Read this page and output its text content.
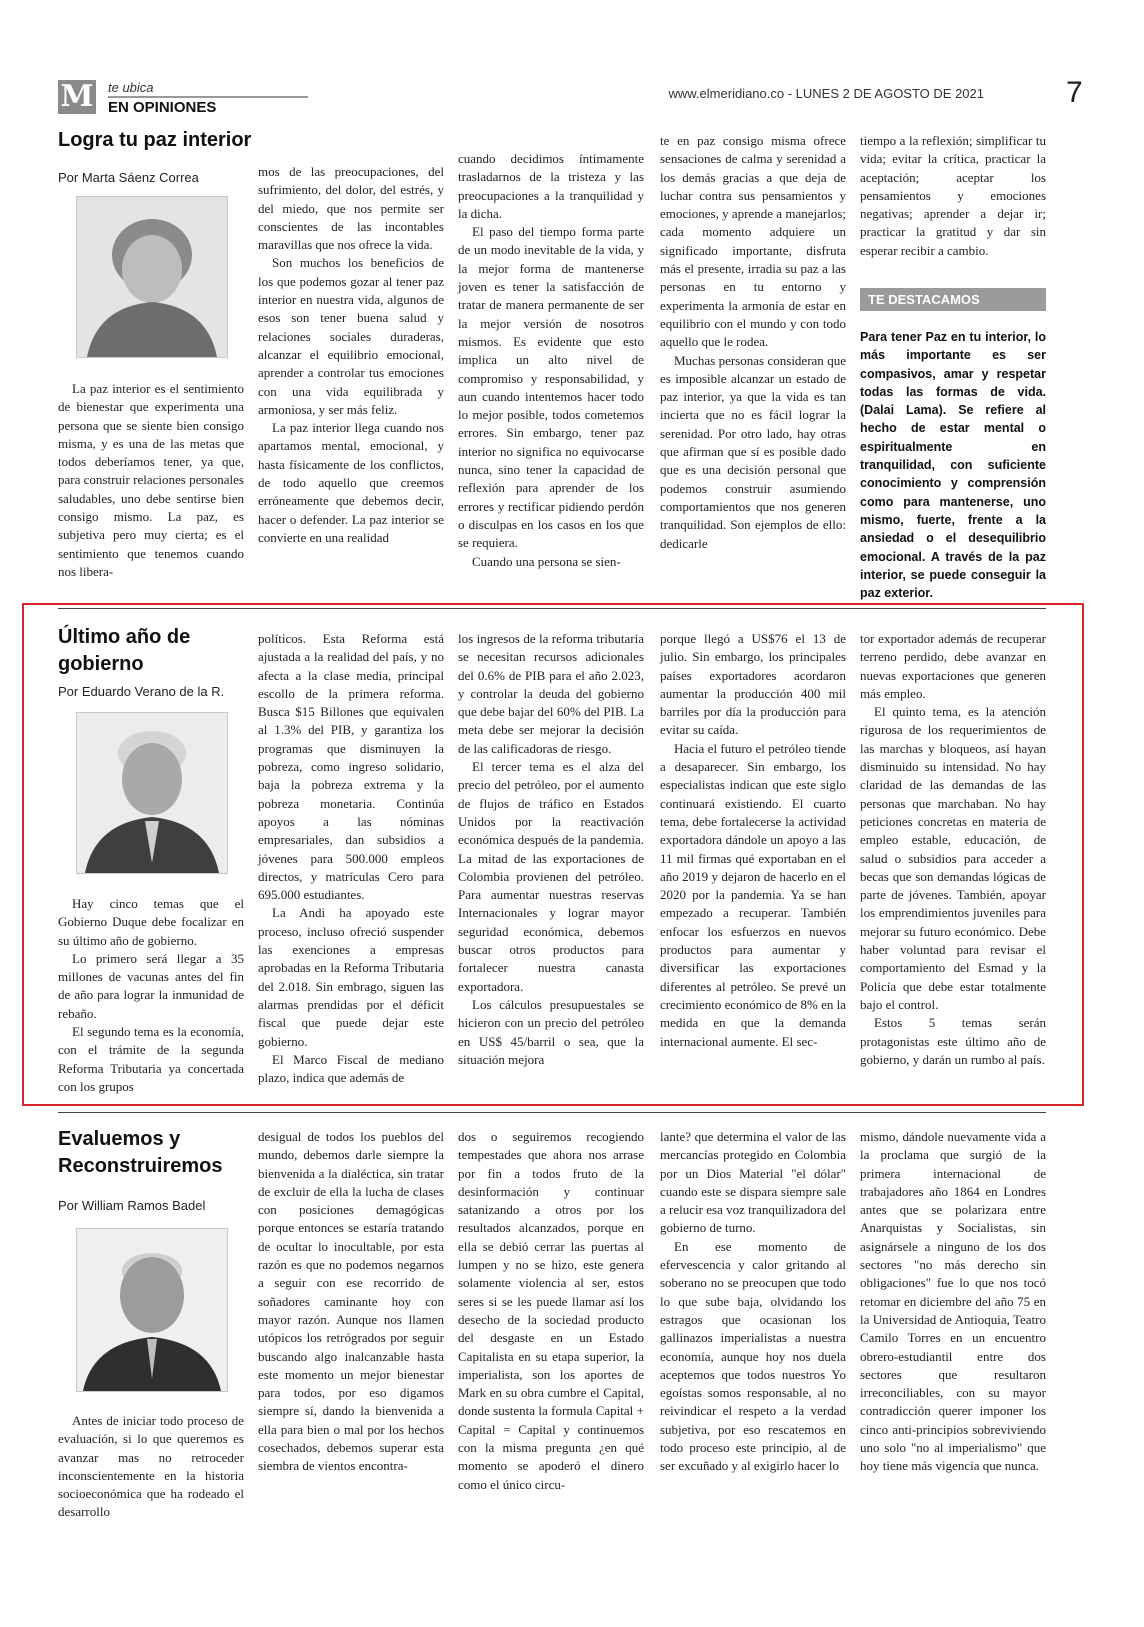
M te ubica
EN OPINIONES
www.elmeridiano.co - LUNES 2 DE AGOSTO DE 2021	7
Logra tu paz interior
Por Marta Sáenz Correa

La paz interior es el sentimiento de bienestar que experimenta una persona que se siente bien consigo misma, y es una de las metas que todos deberíamos tener, ya que, para construir relaciones personales saludables, uno debe sentirse bien consigo mismo. La paz, es subjetiva pero muy cierta; es el sentimiento que tenemos cuando nos libera-

mos de las preocupaciones, del sufrimiento, del dolor, del estrés, y del miedo, que nos permite ser conscientes de las incontables maravillas que nos ofrece la vida.

Son muchos los beneficios de los que podemos gozar al tener paz interior en nuestra vida, algunos de esos son tener buena salud y relaciones sociales duraderas, alcanzar el equilibrio emocional, aprender a controlar tus emociones con una vida equilibrada y armoniosa, y ser más feliz.

La paz interior llega cuando nos apartamos mental, emocional, y hasta físicamente de los conflictos, de todo aquello que creemos erróneamente que debemos decir, hacer o defender. La paz interior se convierte en una realidad

cuando decidimos íntimamente trasladarnos de la tristeza y las preocupaciones a la tranquilidad y la dicha.

El paso del tiempo forma parte de un modo inevitable de la vida, y la mejor forma de mantenerse joven es tener la satisfacción de tratar de manera permanente de ser la mejor versión de nosotros mismos. Es evidente que esto implica un alto nivel de compromiso y responsabilidad, y aun cuando intentemos hacer todo lo mejor posible, todos cometemos errores. Sin embargo, tener paz interior no significa no equivocarse nunca, sino tener la capacidad de reflexión para aprender de los errores y rectificar pidiendo perdón o disculpas en los casos en los que se requiera.

Cuando una persona se sien-

te en paz consigo misma ofrece sensaciones de calma y serenidad a los demás gracias a que deja de luchar contra sus pensamientos y emociones, y aprende a manejarlos; cada momento adquiere un significado importante, disfruta más el presente, irradia su paz a las personas en tu entorno y experimenta la armonía de estar en equilibrio con el mundo y con todo aquello que le rodea.

Muchas personas consideran que es imposible alcanzar un estado de paz interior, ya que la vida es tan incierta que no es fácil lograr la serenidad. Por otro lado, hay otras que afirman que sí es posible dado que es una decisión personal que podemos construir asumiendo comportamientos que nos generen tranquilidad. Son ejemplos de ello: dedicarle

tiempo a la reflexión; simplificar tu vida; evitar la crítica, practicar la aceptación; aceptar los pensamientos y emociones negativas; aprender a dejar ir; practicar la gratitud y dar sin esperar recibir a cambio.

TE DESTACAMOS
Para tener Paz en tu interior, lo más importante es ser compasivos, amar y respetar todas las formas de vida. (Dalai Lama). Se refiere al hecho de estar mental o espiritualmente en tranquilidad, con suficiente conocimiento y comprensión como para mantenerse, uno mismo, fuerte, frente a la ansiedad o el desequilibrio emocional. A través de la paz interior, se puede conseguir la paz exterior.
Último año de gobierno
Por Eduardo Verano de la R.

Hay cinco temas que el Gobierno Duque debe focalizar en su último año de gobierno.

Lo primero será llegar a 35 millones de vacunas antes del fin de año para lograr la inmunidad de rebaño.

El segundo tema es la economía, con el trámite de la segunda Reforma Tributaria ya concertada con los grupos

políticos. Esta Reforma está ajustada a la realidad del país, y no afecta a la clase media, principal escollo de la primera reforma. Busca $15 Billones que equivalen al 1.3% del PIB, y garantiza los programas que disminuyen la pobreza, como ingreso solidario, baja la pobreza extrema y la pobreza monetaria. Continúa apoyos a las nóminas empresariales, dan subsidios a jóvenes para 500.000 empleos directos, y matrículas Cero para 695.000 estudiantes.

La Andi ha apoyado este proceso, incluso ofreció suspender las exenciones a empresas aprobadas en la Reforma Tributaria del 2.018. Sin embrago, siguen las alarmas prendidas por el déficit fiscal que puede dejar este gobierno.

El Marco Fiscal de mediano plazo, indica que además de

los ingresos de la reforma tributaria se necesitan recursos adicionales del 0.6% de PIB para el año 2.023, y controlar la deuda del gobierno que debe bajar del 60% del PIB. La meta debe ser mejorar la decisión de las calificadoras de riesgo.

El tercer tema es el alza del precio del petróleo, por el aumento de flujos de tráfico en Estados Unidos por la reactivación económica después de la pandemia. La mitad de las exportaciones de Colombia provienen del petróleo. Para aumentar nuestras reservas Internacionales y lograr mayor seguridad económica, debemos buscar otros productos para fortalecer nuestra canasta exportadora.

Los cálculos presupuestales se hicieron con un precio del petróleo en US$ 45/barril o sea, que la situación mejora

porque llegó a US$76 el 13 de julio. Sin embargo, los principales países exportadores acordaron aumentar la producción 400 mil barriles por día la producción para evitar su caída.

Hacia el futuro el petróleo tiende a desaparecer. Sin embargo, los especialistas indican que este siglo continuará existiendo. El cuarto tema, debe fortalecerse la actividad exportadora dándole un apoyo a las 11 mil firmas qué exportaban en el año 2019 y dejaron de hacerlo en el 2020 por la pandemia. Ya se han empezado a recuperar. También enfocar los esfuerzos en nuevos productos para aumentar y diversificar las exportaciones diferentes al petróleo. Se prevé un crecimiento económico de 8% en la medida en que la demanda internacional aumente. El sec-

tor exportador además de recuperar terreno perdido, debe avanzar en nuevas exportaciones que generen más empleo.

El quinto tema, es la atención rigurosa de los requerimientos de las marchas y bloqueos, así hayan disminuido su intensidad. No hay claridad de las demandas de las personas que marchaban. No hay peticiones concretas en materia de empleo estable, educación, de salud o subsidios para acceder a becas que son demandas lógicas de parte de jóvenes. También, apoyar los emprendimientos juveniles para mejorar su futuro económico. Debe haber voluntad para revisar el comportamiento del Esmad y la Policía que debe estar totalmente bajo el control.

Estos 5 temas serán protagonistas este último año de gobierno, y darán un rumbo al país.

Evaluemos y Reconstruiremos
Por William Ramos Badel

Antes de iniciar todo proceso de evaluación, si lo que queremos es avanzar mas no retroceder inconscientemente en la historia socioeconómica que ha rodeado el desarrollo

desigual de todos los pueblos del mundo, debemos darle siempre la bienvenida a la dialéctica, sin tratar de excluir de ella la lucha de clases con posiciones demagógicas porque entonces se estaría tratando de ocultar lo inocultable, por esta razón es que no podemos negarnos a seguir con ese recorrido de soñadores caminante hoy con mayor razón. Aunque nos llamen utópicos los retrógrados por seguir buscando algo inalcanzable hasta este momento un mejor bienestar para todos, por eso digamos siempre sí, dando la bienvenida a ella para bien o mal por los hechos cosechados, debemos superar esta siembra de vientos encontra-

dos o seguiremos recogiendo tempestades que ahora nos arrase por fin a todos fruto de la desinformación y continuar satanizando a otros por los resultados alcanzados, porque en ella se debió cerrar las puertas al lumpen y no se hizo, este genera solamente violencia al ser, estos seres si se les puede llamar así los desecho de la sociedad producto del desgaste en un Estado Capitalista en su etapa superior, la imperialista, son los aportes de Mark en su obra cumbre el Capital, donde sustenta la formula Capital + Capital = Capital y continuemos con la misma pregunta ¿en qué momento se apoderó el dinero como el único circu-

lante? que determina el valor de las mercancías protegido en Colombia por un Dios Material "el dólar" cuando este se dispara siempre sale a relucir esa voz tranquilizadora del gobierno de turno.

En ese momento de efervescencia y calor gritando al soberano no se preocupen que todo lo que sube baja, olvidando los estragos que ocasionan los gallinazos imperialistas a nuestra economía, aunque hoy nos duela aceptemos que todos nuestros Yo egoístas somos responsable, al no reivindicar el respeto a la verdad subjetiva, por eso rescatemos en todo proceso este principio, al de ser excuñado y al exigirlo hacer lo

mismo, dándole nuevamente vida a la proclama que surgió de la primera internacional de trabajadores año 1864 en Londres antes que se polarizara entre Anarquistas y Socialistas, sin asignársele a ninguno de los dos sectores "no más derecho sin obligaciones" fue lo que nos tocó retomar en diciembre del año 75 en la Universidad de Antioquia, Teatro Camilo Torres en un encuentro obrero-estudiantil entre dos sectores que resultaron irreconciliables, con su mayor contradicción querer imponer los cinco anti-principios sobreviviendo uno solo "no al imperialismo" que hoy tiene más vigencia que nunca.
